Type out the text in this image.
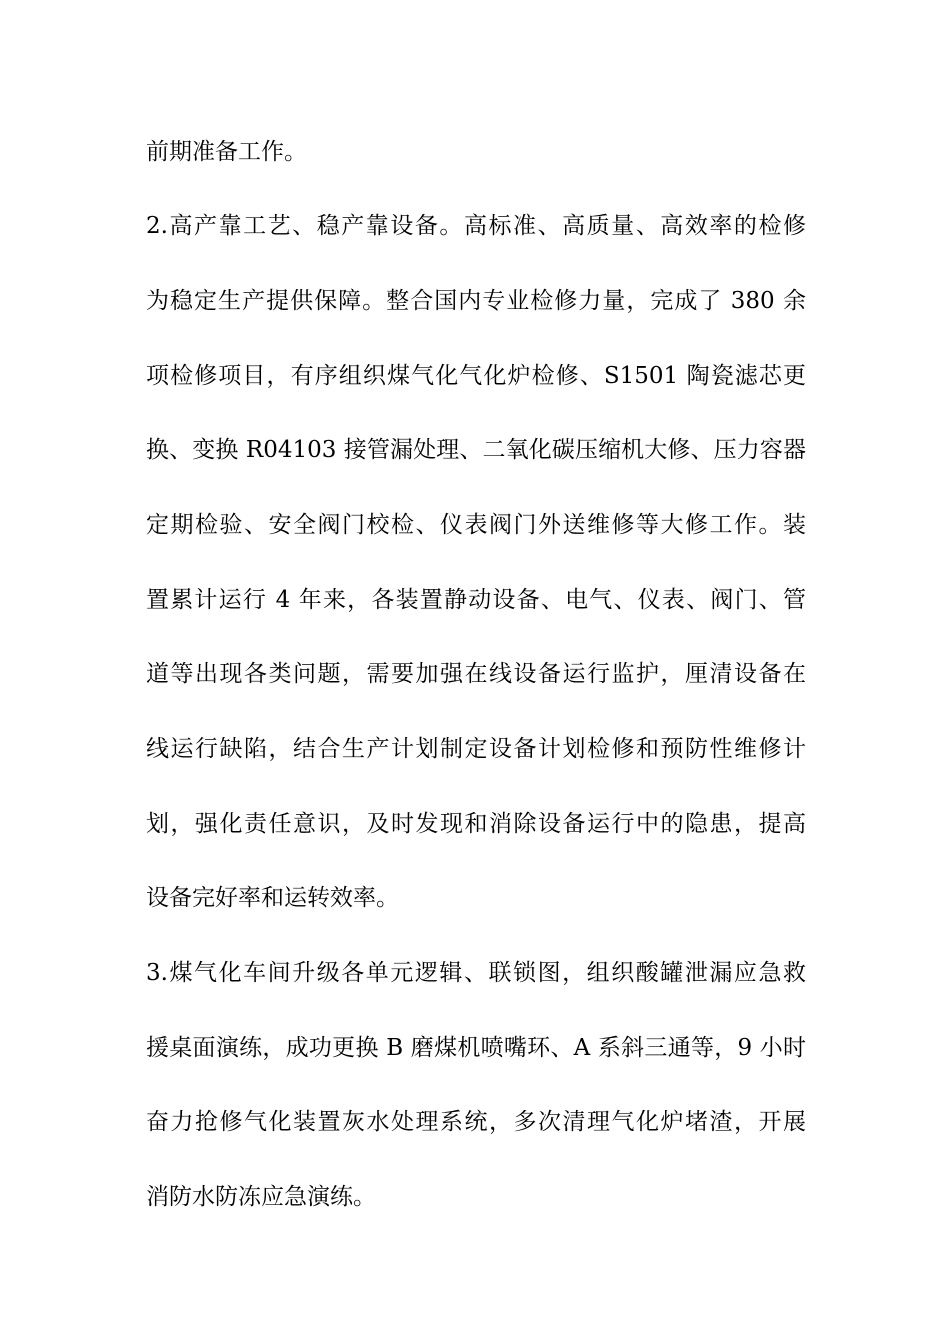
前期准备工作。
2.高产靠工艺、稳产靠设备。高标准、高质量、高效率的检修
为稳定生产提供保障。整合国内专业检修力量，完成了 380 余
项检修项目，有序组织煤气化气化炉检修、S1501 陶瓷滤芯更
换、变换 R04103 接管漏处理、二氧化碳压缩机大修、压力容器
定期检验、安全阀门校检、仪表阀门外送维修等大修工作。装
置累计运行 4 年来，各装置静动设备、电气、仪表、阀门、管
道等出现各类问题，需要加强在线设备运行监护，厘清设备在
线运行缺陷，结合生产计划制定设备计划检修和预防性维修计
划，强化责任意识，及时发现和消除设备运行中的隐患，提高
设备完好率和运转效率。
3.煤气化车间升级各单元逻辑、联锁图，组织酸罐泄漏应急救
援桌面演练，成功更换 B 磨煤机喷嘴环、A 系斜三通等，9 小时
奋力抢修气化装置灰水处理系统，多次清理气化炉堵渣，开展
消防水防冻应急演练。
